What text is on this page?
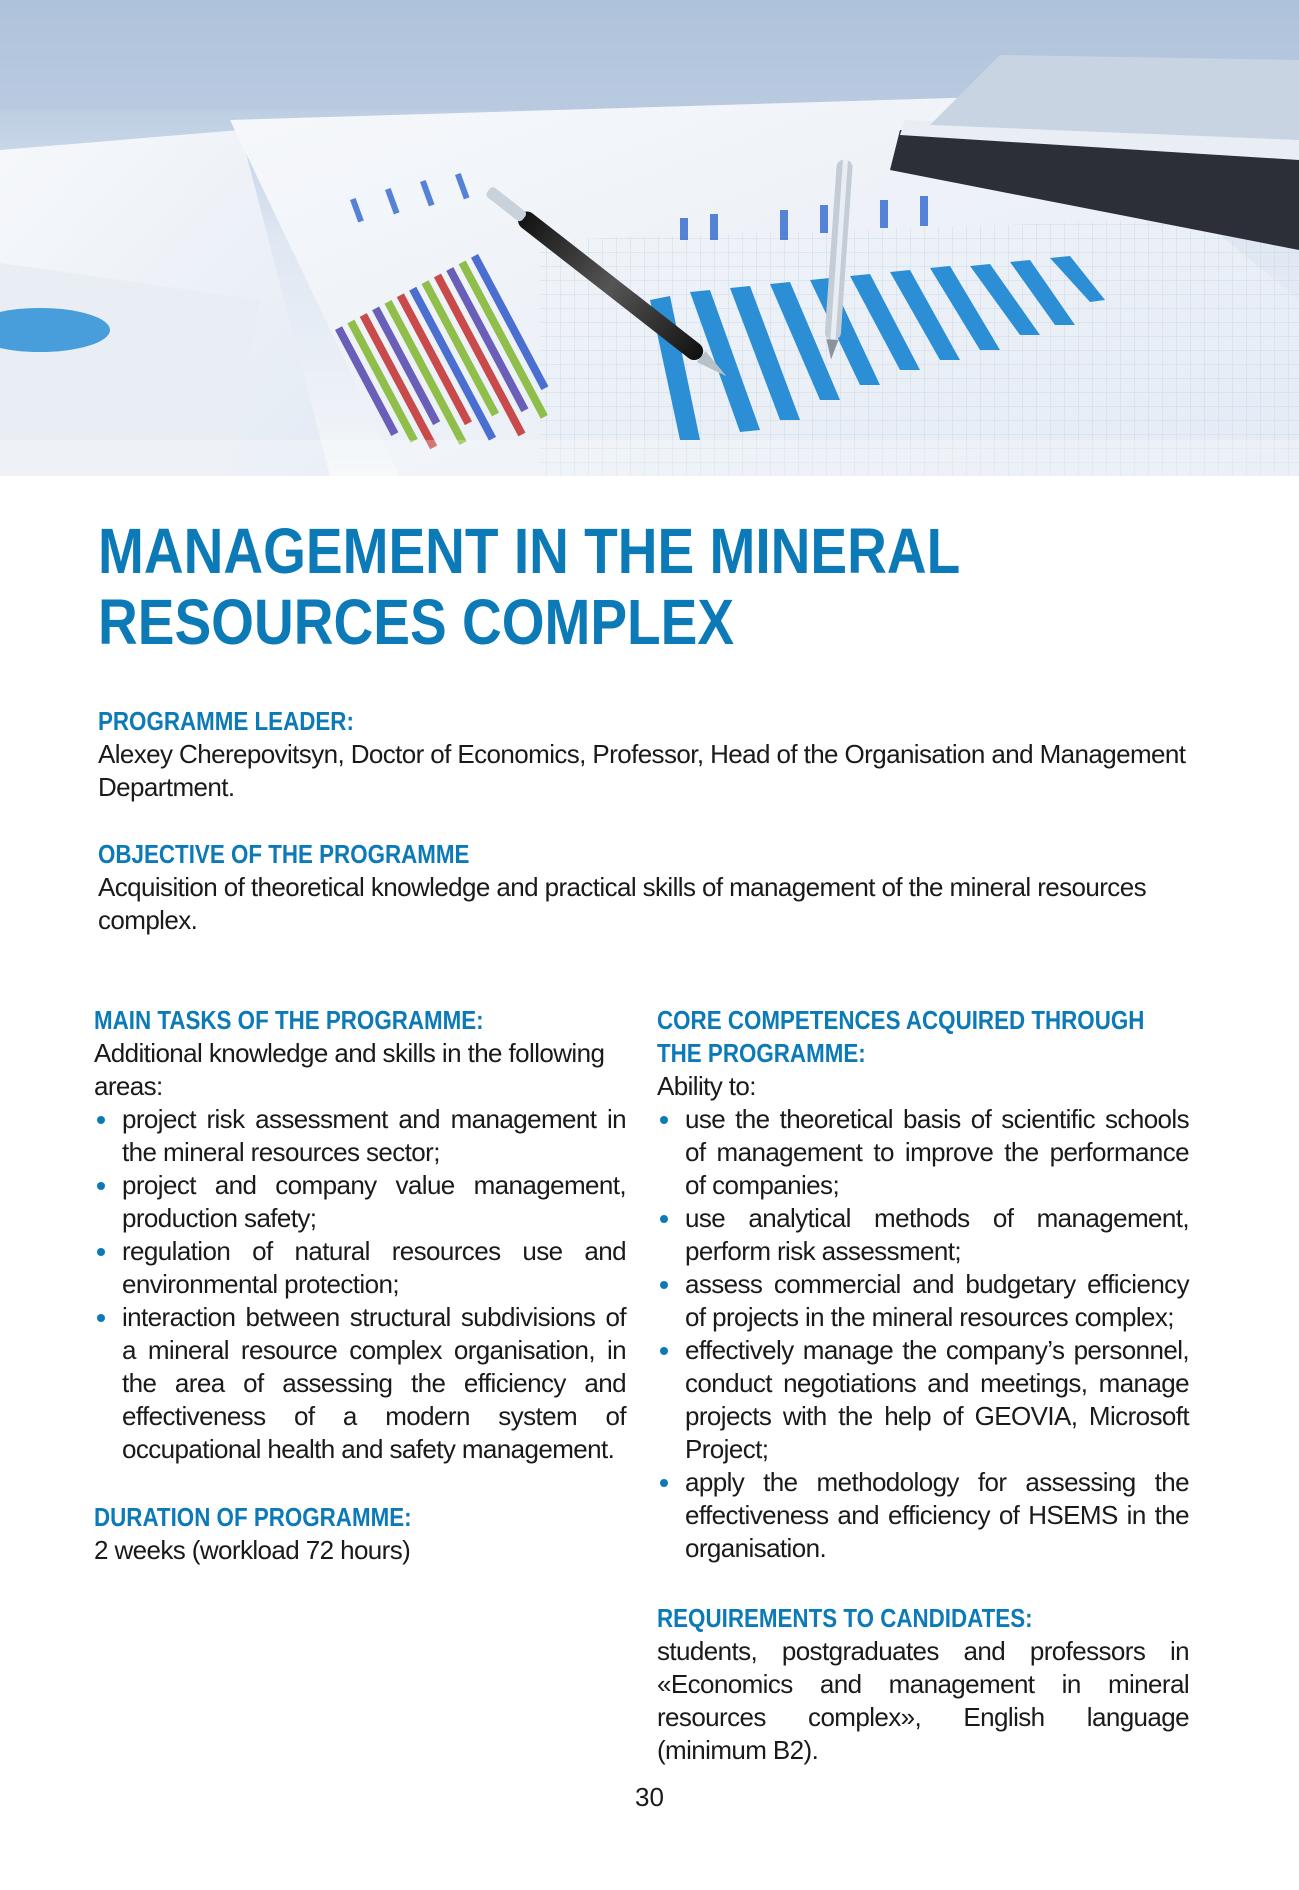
MANAGEMENT IN THE MINERAL
RESOURCES COMPLEX
PROGRAMME LEADER:

Alexey Cherepovitsyn, Doctor of Economics, Professor, Head of the Organisation and Management Department.

OBJECTIVE OF THE PROGRAMME

Acquisition of theoretical knowledge and practical skills of management of the mineral resources complex.

MAIN TASKS OF THE PROGRAMME:

Additional knowledge and skills in the following areas:

project risk assessment and management in the mineral resources sector;
project and company value management, production safety;
regulation of natural resources use and environmental protection;
interaction between structural subdivisions of a mineral resource complex organisation, in the area of assessing the efficiency and effectiveness of a modern system of occupational health and safety management.
DURATION OF PROGRAMME:

2 weeks (workload 72 hours)

CORE COMPETENCES ACQUIRED THROUGH
THE PROGRAMME:

Ability to:

use the theoretical basis of scientific schools of management to improve the performance of companies;
use analytical methods of management, perform risk assessment;
assess commercial and budgetary efficiency of projects in the mineral resources complex;
effectively manage the company’s personnel, conduct negotiations and meetings, manage projects with the help of GEOVIA, Microsoft Project;
apply the methodology for assessing the effectiveness and efficiency of HSEMS in the organisation.
REQUIREMENTS TO CANDIDATES:

students, postgraduates and professors in «Economics and management in mineral resources complex», English language (minimum B2).

30
